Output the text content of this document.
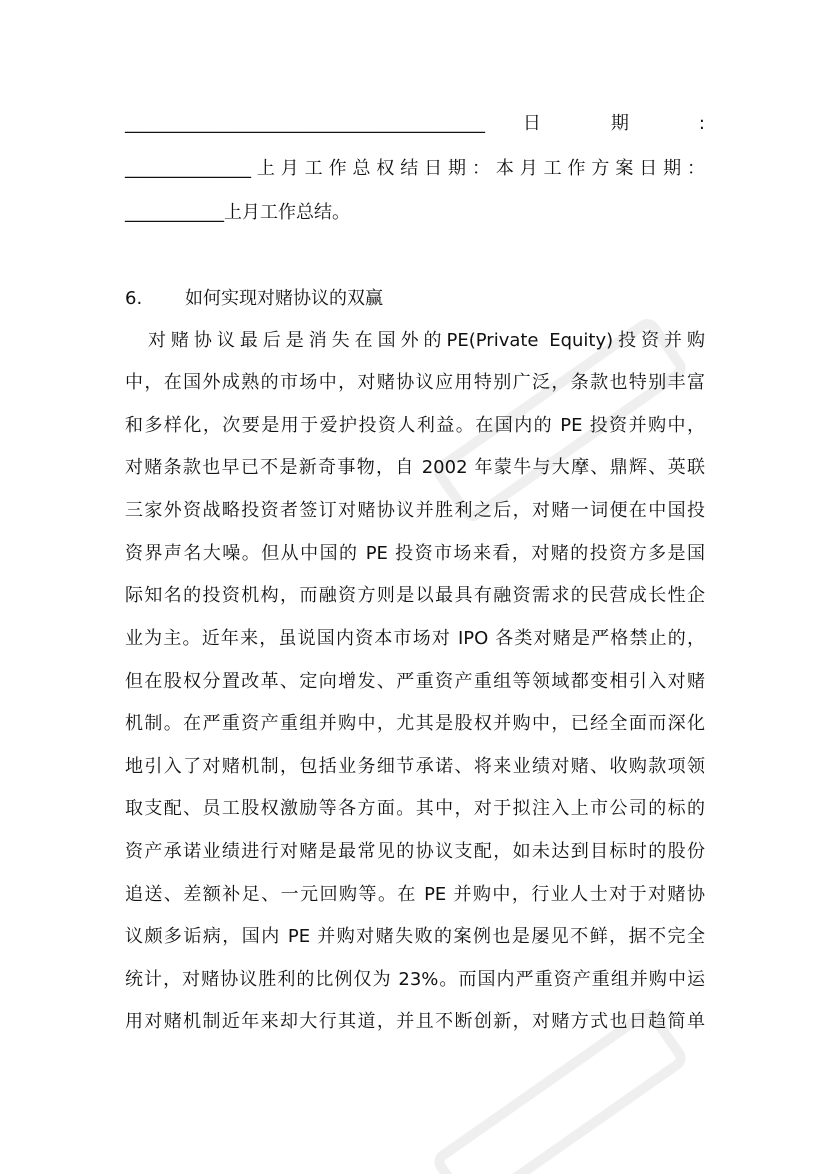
________________________________________ 日 期 :
______________上月工作总权结日期：本月工作方案日期：
___________上月工作总结。
6. 如何实现对赌协议的双赢
　对赌协议最后是消失在国外的PE(Private Equity)投资并购
中，在国外成熟的市场中，对赌协议应用特别广泛，条款也特别丰富
和多样化，次要是用于爱护投资人利益。在国内的 PE 投资并购中，
对赌条款也早已不是新奇事物，自 2002 年蒙牛与大摩、鼎辉、英联
三家外资战略投资者签订对赌协议并胜利之后，对赌一词便在中国投
资界声名大噪。但从中国的 PE 投资市场来看，对赌的投资方多是国
际知名的投资机构，而融资方则是以最具有融资需求的民营成长性企
业为主。近年来，虽说国内资本市场对 IPO 各类对赌是严格禁止的，
但在股权分置改革、定向增发、严重资产重组等领域都变相引入对赌
机制。在严重资产重组并购中，尤其是股权并购中，已经全面而深化
地引入了对赌机制，包括业务细节承诺、将来业绩对赌、收购款项领
取支配、员工股权激励等各方面。其中，对于拟注入上市公司的标的
资产承诺业绩进行对赌是最常见的协议支配，如未达到目标时的股份
追送、差额补足、一元回购等。在 PE 并购中，行业人士对于对赌协
议颇多诟病，国内 PE 并购对赌失败的案例也是屡见不鲜，据不完全
统计，对赌协议胜利的比例仅为 23%。而国内严重资产重组并购中运
用对赌机制近年来却大行其道，并且不断创新，对赌方式也日趋简单
